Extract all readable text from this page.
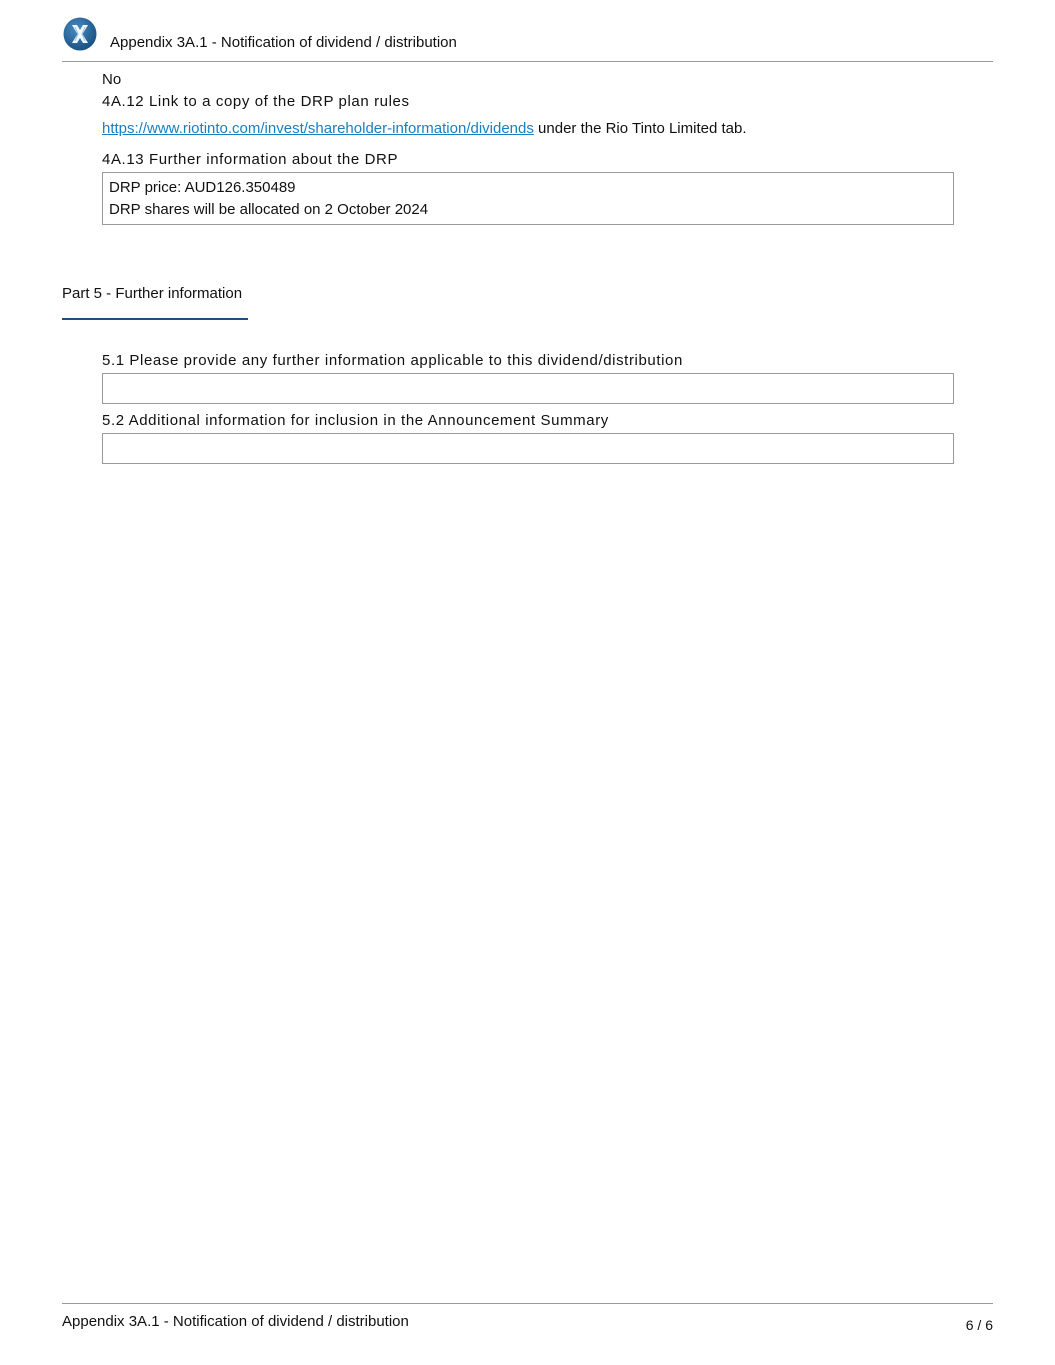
Appendix 3A.1 - Notification of dividend / distribution
No
4A.12 Link to a copy of the DRP plan rules
https://www.riotinto.com/invest/shareholder-information/dividends under the Rio Tinto Limited tab.
4A.13 Further information about the DRP
DRP price: AUD126.350489
DRP shares will be allocated on 2 October 2024
Part 5 - Further information
5.1 Please provide any further information applicable to this dividend/distribution
5.2 Additional information for inclusion in the Announcement Summary
Appendix 3A.1 - Notification of dividend / distribution	6 / 6
